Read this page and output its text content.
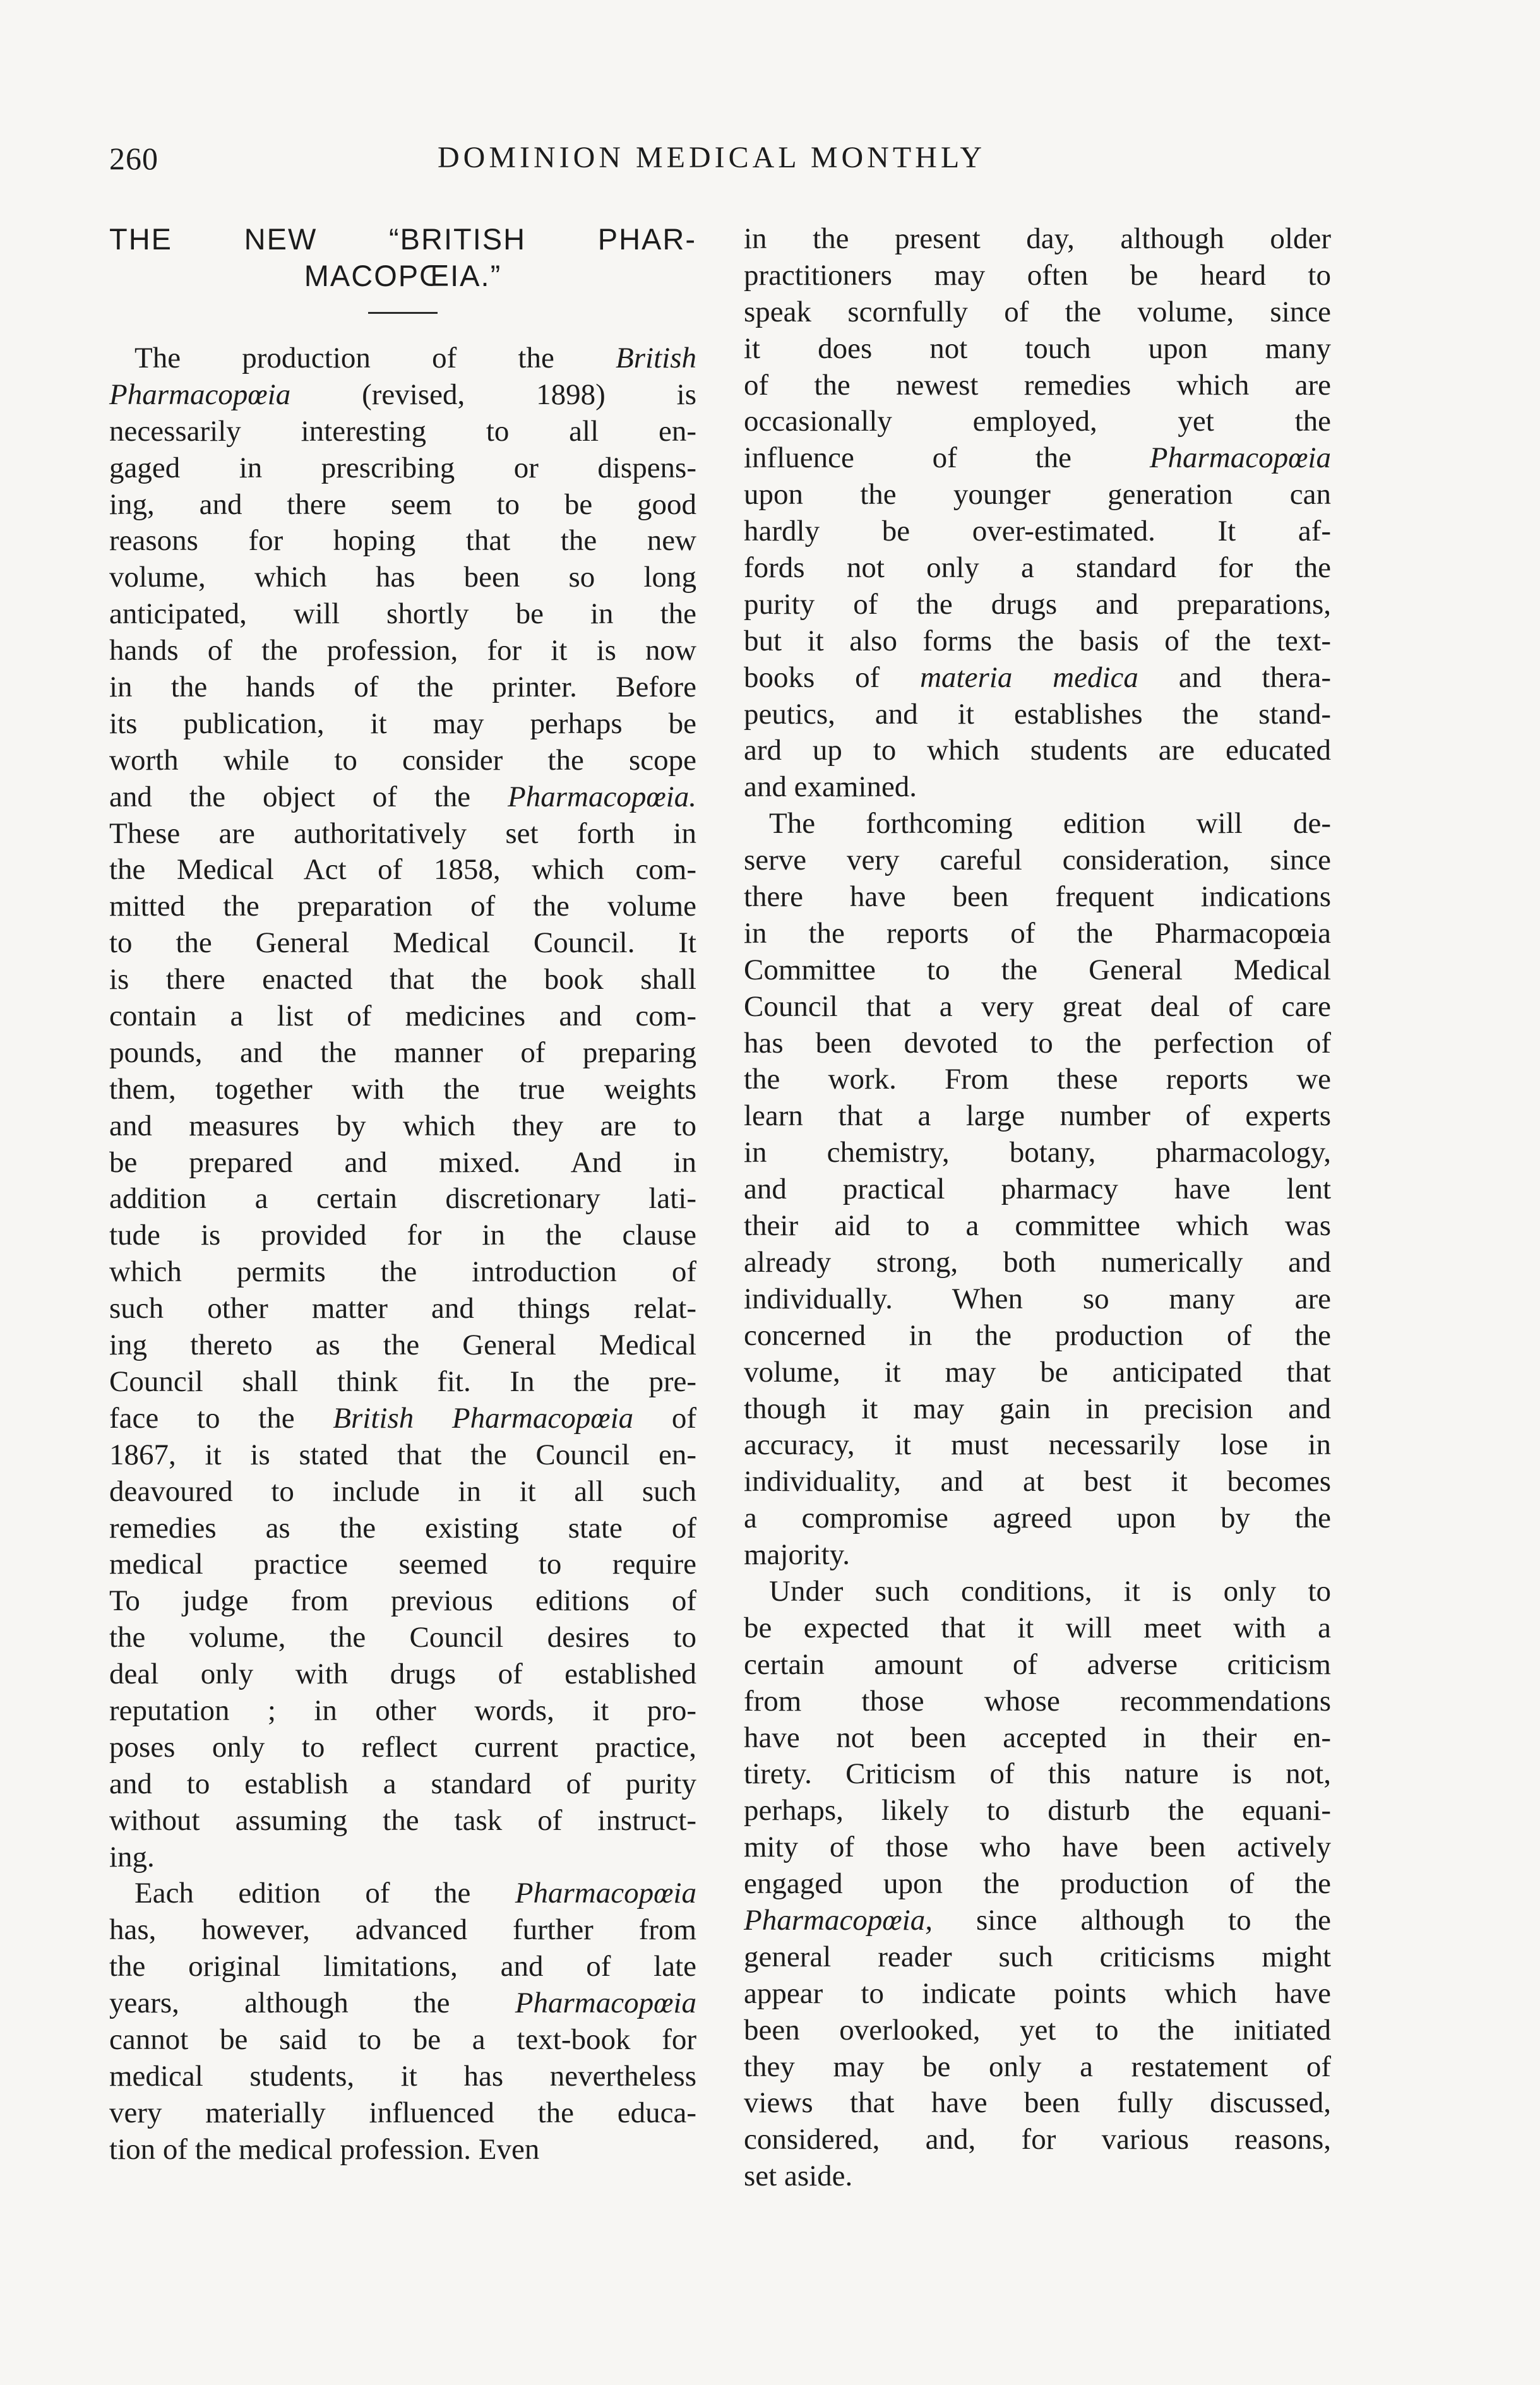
260	DOMINION MEDICAL MONTHLY
THE NEW “BRITISH PHAR-
MACOPŒIA.”
The production of the British
Pharmacopœia (revised, 1898) is
necessarily interesting to all en-
gaged in prescribing or dispens-
ing, and there seem to be good
reasons for hoping that the new
volume, which has been so long
anticipated, will shortly be in the
hands of the profession, for it is now
in the hands of the printer. Before
its publication, it may perhaps be
worth while to consider the scope
and the object of the Pharmacopœia.
These are authoritatively set forth in
the Medical Act of 1858, which com-
mitted the preparation of the volume
to the General Medical Council. It
is there enacted that the book shall
contain a list of medicines and com-
pounds, and the manner of preparing
them, together with the true weights
and measures by which they are to
be prepared and mixed. And in
addition a certain discretionary lati-
tude is provided for in the clause
which permits the introduction of
such other matter and things relat-
ing thereto as the General Medical
Council shall think fit. In the pre-
face to the British Pharmacopœia of
1867, it is stated that the Council en-
deavoured to include in it all such
remedies as the existing state of
medical practice seemed to require
To judge from previous editions of
the volume, the Council desires to
deal only with drugs of established
reputation ; in other words, it pro-
poses only to reflect current practice,
and to establish a standard of purity
without assuming the task of instruct-
ing.
Each edition of the Pharmacopœia
has, however, advanced further from
the original limitations, and of late
years, although the Pharmacopœia
cannot be said to be a text-book for
medical students, it has nevertheless
very materially influenced the educa-
tion of the medical profession. Even
in the present day, although older
practitioners may often be heard to
speak scornfully of the volume, since
it does not touch upon many
of the newest remedies which are
occasionally employed, yet the
influence of the Pharmacopœia
upon the younger generation can
hardly be over-estimated. It af-
fords not only a standard for the
purity of the drugs and preparations,
but it also forms the basis of the text-
books of materia medica and thera-
peutics, and it establishes the stand-
ard up to which students are educated
and examined.
The forthcoming edition will de-
serve very careful consideration, since
there have been frequent indications
in the reports of the Pharmacopœia
Committee to the General Medical
Council that a very great deal of care
has been devoted to the perfection of
the work. From these reports we
learn that a large number of experts
in chemistry, botany, pharmacology,
and practical pharmacy have lent
their aid to a committee which was
already strong, both numerically and
individually. When so many are
concerned in the production of the
volume, it may be anticipated that
though it may gain in precision and
accuracy, it must necessarily lose in
individuality, and at best it becomes
a compromise agreed upon by the
majority.
Under such conditions, it is only to
be expected that it will meet with a
certain amount of adverse criticism
from those whose recommendations
have not been accepted in their en-
tirety. Criticism of this nature is not,
perhaps, likely to disturb the equani-
mity of those who have been actively
engaged upon the production of the
Pharmacopœia, since although to the
general reader such criticisms might
appear to indicate points which have
been overlooked, yet to the initiated
they may be only a restatement of
views that have been fully discussed,
considered, and, for various reasons,
set aside.
